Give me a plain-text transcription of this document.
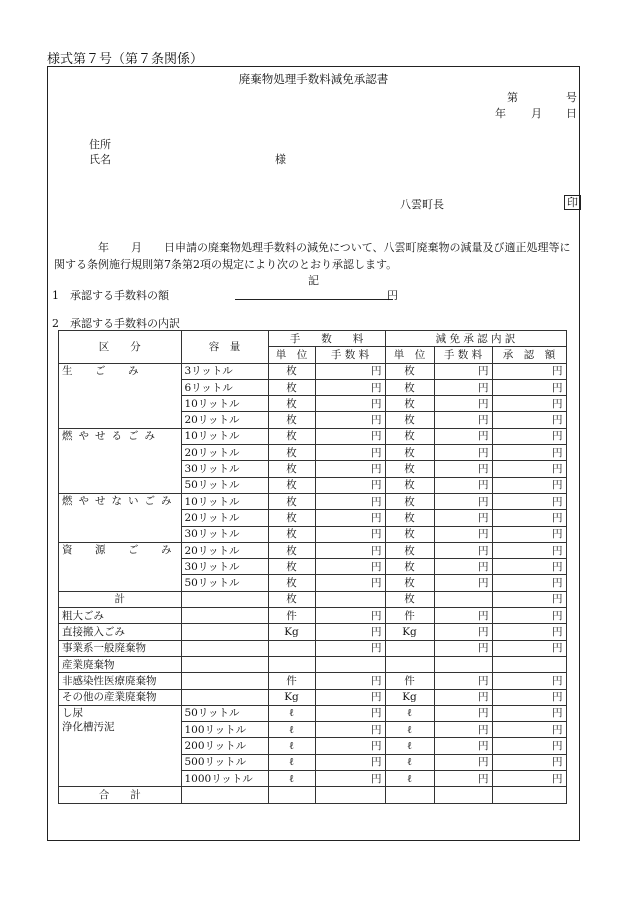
様式第７号（第７条関係）
廃棄物処理手数料減免承認書
第	号
年 月 日
住所
氏名	様
八雲町長	印
年　　月　　日申請の廃棄物処理手数料の減免について、八雲町廃棄物の減量及び適正処理等に関する条例施行規則第7条第2項の規定により次のとおり承認します。
記
1　承認する手数料の額	円
2　承認する手数料の内訳
区　　分	容　量	手　　数　　料		減 免 承 認 内 訳		
		単　位	手 数 料	単　位	手 数 料	承　認　額
生　ご　み	3リットル	枚	円	枚	円	円
	6リットル	枚	円	枚	円	円
	10リットル	枚	円	枚	円	円
	20リットル	枚	円	枚	円	円
燃やせるごみ	10リットル	枚	円	枚	円	円
	20リットル	枚	円	枚	円	円
	30リットル	枚	円	枚	円	円
	50リットル	枚	円	枚	円	円
燃やせないごみ	10リットル	枚	円	枚	円	円
	20リットル	枚	円	枚	円	円
	30リットル	枚	円	枚	円	円
資　源　ご　み	20リットル	枚	円	枚	円	円
	30リットル	枚	円	枚	円	円
	50リットル	枚	円	枚	円	円
計		枚		枚		円
粗大ごみ		件	円	件	円	円
直接搬入ごみ		Kg	円	Kg	円	円
事業系一般廃棄物			円		円	円
産業廃棄物						
非感染性医療廃棄物		件	円	件	円	円
その他の産業廃棄物		Kg	円	Kg	円	円

し尿
浄化槽汚泥	50リットル	ℓ	円	ℓ	円	円
	100リットル	ℓ	円	ℓ	円	円
	200リットル	ℓ	円	ℓ	円	円
	500リットル	ℓ	円	ℓ	円	円
	1000リットル	ℓ	円	ℓ	円	円
合　　計						
